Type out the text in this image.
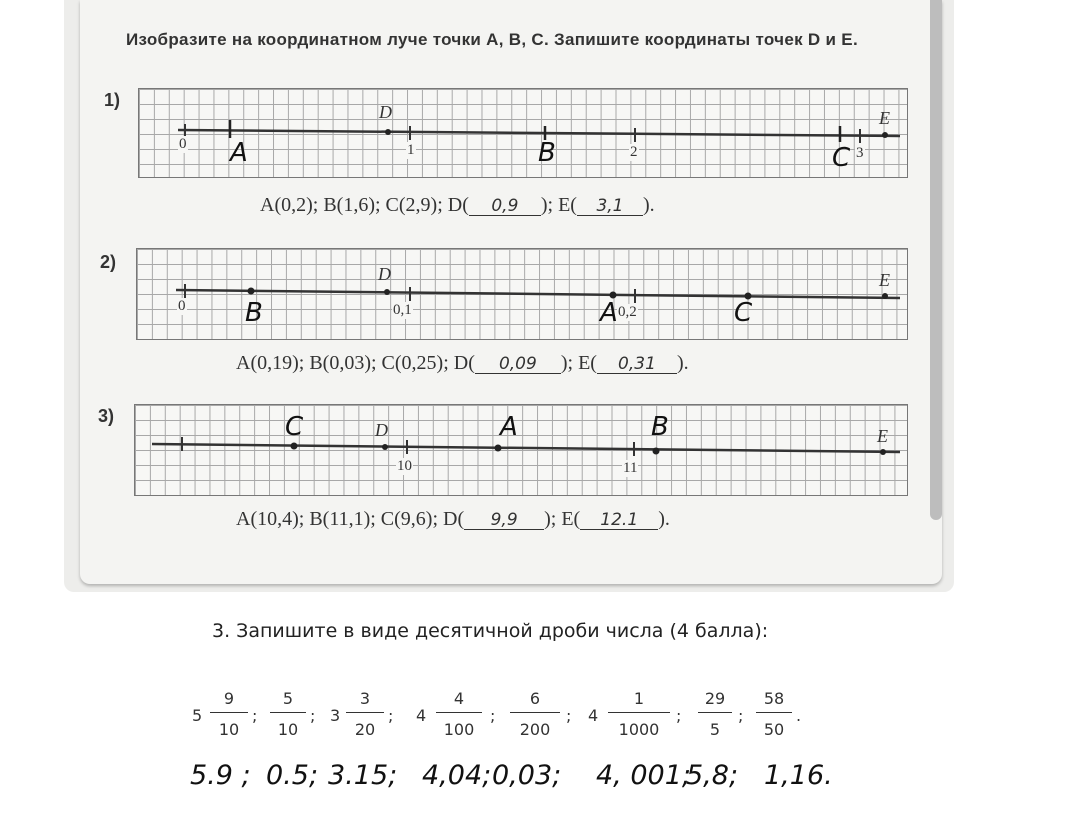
Изобразите на координатном луче точки A, B, C. Запишите координаты точек D и E.
1)
0	1	2	3
D	E
A	B	C
A(0,2); B(1,6); C(2,9); D( 0,9 ); E( 3,1 ).
2)
0	0,1	0,2
D	E
B	A	C
A(0,19); B(0,03); C(0,25); D( 0,09 ); E( 0,31 ).
3)
10	11
D	E
C	A	B
A(10,4); B(11,1); C(9,6); D( 9,9 ); E( 12.1 ).
3. Запишите в виде десятичной дроби числа (4 балла):
5
9
10
;
5
10
; 3
3
20
; 4
4
100
;
6
200
; 4
1
1000
;
29
5
;
58
50
.
5.9 ; 0.5; 3.15; 4,04; 0,03; 4, 001;
5,8; 1,16.
